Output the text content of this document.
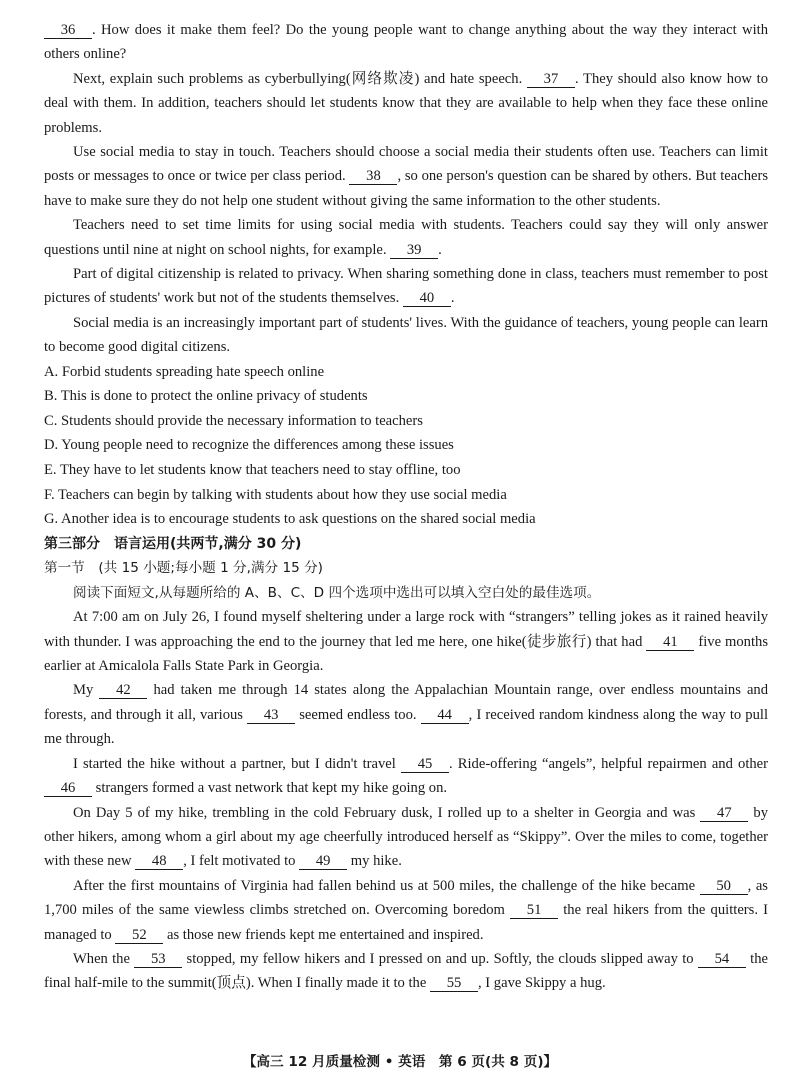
36 . How does it make them feel? Do the young people want to change anything about the way they interact with others online?

Next, explain such problems as cyberbullying(网络欺凌) and hate speech. 37 . They should also know how to deal with them. In addition, teachers should let students know that they are available to help when they face these online problems.

Use social media to stay in touch. Teachers should choose a social media their students often use. Teachers can limit posts or messages to once or twice per class period. 38 , so one person's question can be shared by others. But teachers have to make sure they do not help one student without giving the same information to the other students.

Teachers need to set time limits for using social media with students. Teachers could say they will only answer questions until nine at night on school nights, for example. 39 .

Part of digital citizenship is related to privacy. When sharing something done in class, teachers must remember to post pictures of students' work but not of the students themselves. 40 .

Social media is an increasingly important part of students' lives. With the guidance of teachers, young people can learn to become good digital citizens.

A. Forbid students spreading hate speech online

B. This is done to protect the online privacy of students

C. Students should provide the necessary information to teachers

D. Young people need to recognize the differences among these issues

E. They have to let students know that teachers need to stay offline, too

F. Teachers can begin by talking with students about how they use social media

G. Another idea is to encourage students to ask questions on the shared social media

第三部分　语言运用(共两节,满分 30 分)

第一节　(共 15 小题;每小题 1 分,满分 15 分)

阅读下面短文,从每题所给的 A、B、C、D 四个选项中选出可以填入空白处的最佳选项。

At 7:00 am on July 26, I found myself sheltering under a large rock with “strangers” telling jokes as it rained heavily with thunder. I was approaching the end to the journey that led me here, one hike(徒步旅行) that had 41 five months earlier at Amicalola Falls State Park in Georgia.

My 42 had taken me through 14 states along the Appalachian Mountain range, over endless mountains and forests, and through it all, various 43 seemed endless too. 44 , I received random kindness along the way to pull me through.

I started the hike without a partner, but I didn't travel 45 . Ride-offering “angels”, helpful repairmen and other 46 strangers formed a vast network that kept my hike going on.

On Day 5 of my hike, trembling in the cold February dusk, I rolled up to a shelter in Georgia and was 47 by other hikers, among whom a girl about my age cheerfully introduced herself as “Skippy”. Over the miles to come, together with these new 48 , I felt motivated to 49 my hike.

After the first mountains of Virginia had fallen behind us at 500 miles, the challenge of the hike became 50 , as 1,700 miles of the same viewless climbs stretched on. Overcoming boredom 51 the real hikers from the quitters. I managed to 52 as those new friends kept me entertained and inspired.

When the 53 stopped, my fellow hikers and I pressed on and up. Softly, the clouds slipped away to 54 the final half-mile to the summit(顶点). When I finally made it to the 55 , I gave Skippy a hug.

【高三 12 月质量检测 • 英语　第 6 页(共 8 页)】
